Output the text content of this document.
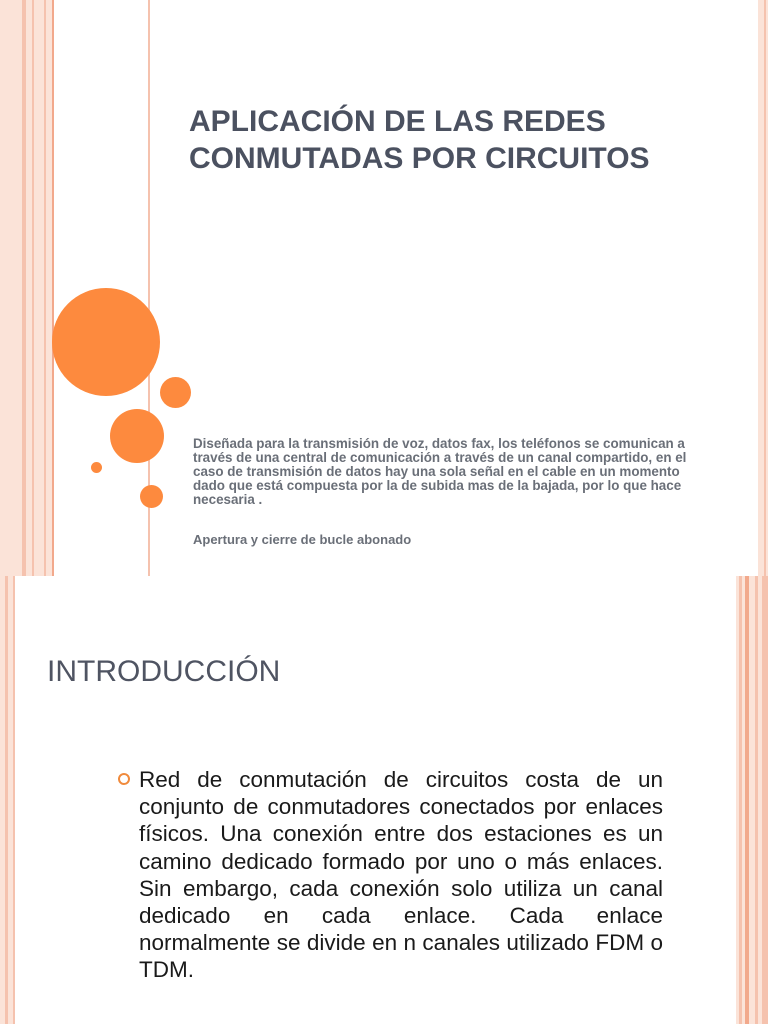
APLICACIÓN DE LAS REDES CONMUTADAS POR CIRCUITOS

Diseñada para la transmisión de voz, datos fax, los teléfonos se comunican a través de una central de comunicación a través de un canal compartido, en el caso de transmisión de datos hay una sola señal en el cable en un momento dado que está compuesta por la de subida mas de la bajada, por lo que hace necesaria .

Apertura y cierre de bucle abonado

INTRODUCCIÓN

Red de conmutación de circuitos costa de un conjunto de conmutadores conectados por enlaces físicos. Una conexión entre dos estaciones es un camino dedicado formado por uno o más enlaces. Sin embargo, cada conexión solo utiliza un canal dedicado en cada enlace. Cada enlace normalmente se divide en n canales utilizado FDM o TDM.
